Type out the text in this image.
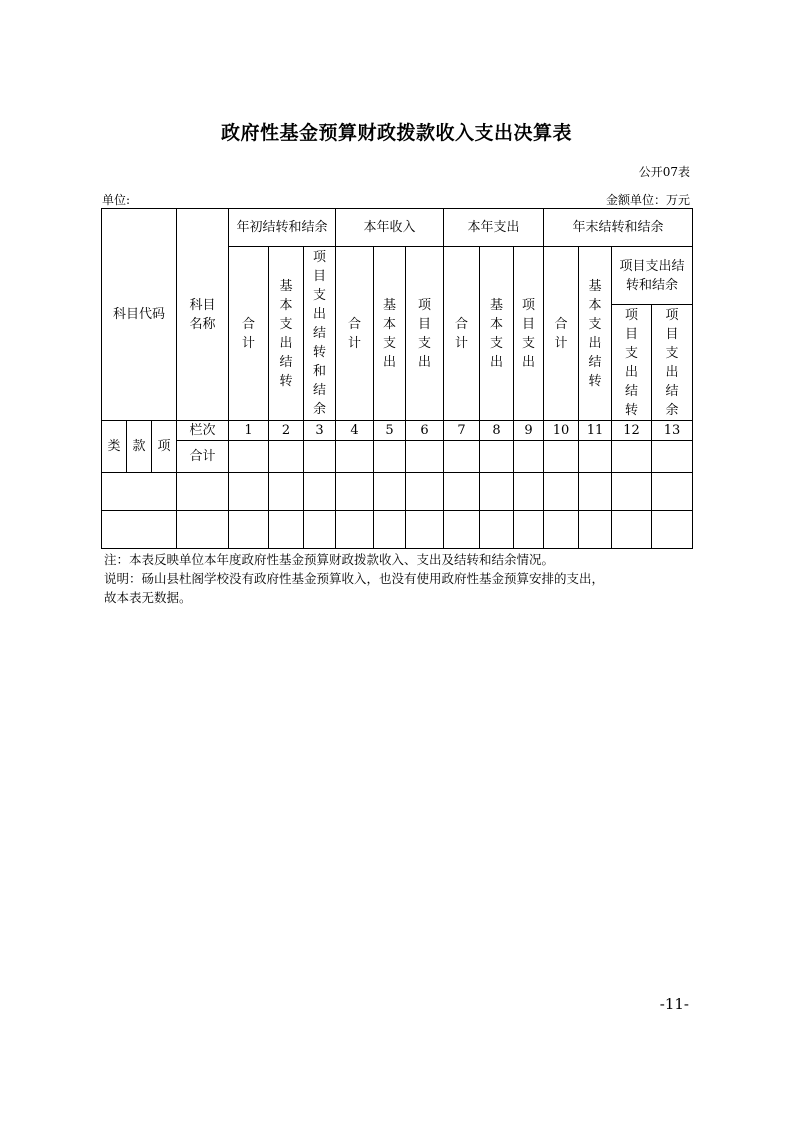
政府性基金预算财政拨款收入支出决算表
公开07表
单位:	金额单位：万元
科目代码			科目名称	年初结转和结余			本年收入			本年支出			年末结转和结余			
				合计	基本支出结转	项目支出结转和结余	合计	基本支出	项目支出	合计	基本支出	项目支出	合计	基本支出结转	项目支出结转和结余	
															项目支出结转	项目支出结余
类	款	项	栏次	1	2	3	4	5	6	7	8	9	10	11	12	13
			合计													

注：本表反映单位本年度政府性基金预算财政拨款收入、支出及结转和结余情况。

说明：砀山县杜阁学校没有政府性基金预算收入，也没有使用政府性基金预算安排的支出，

故本表无数据。

-11-
